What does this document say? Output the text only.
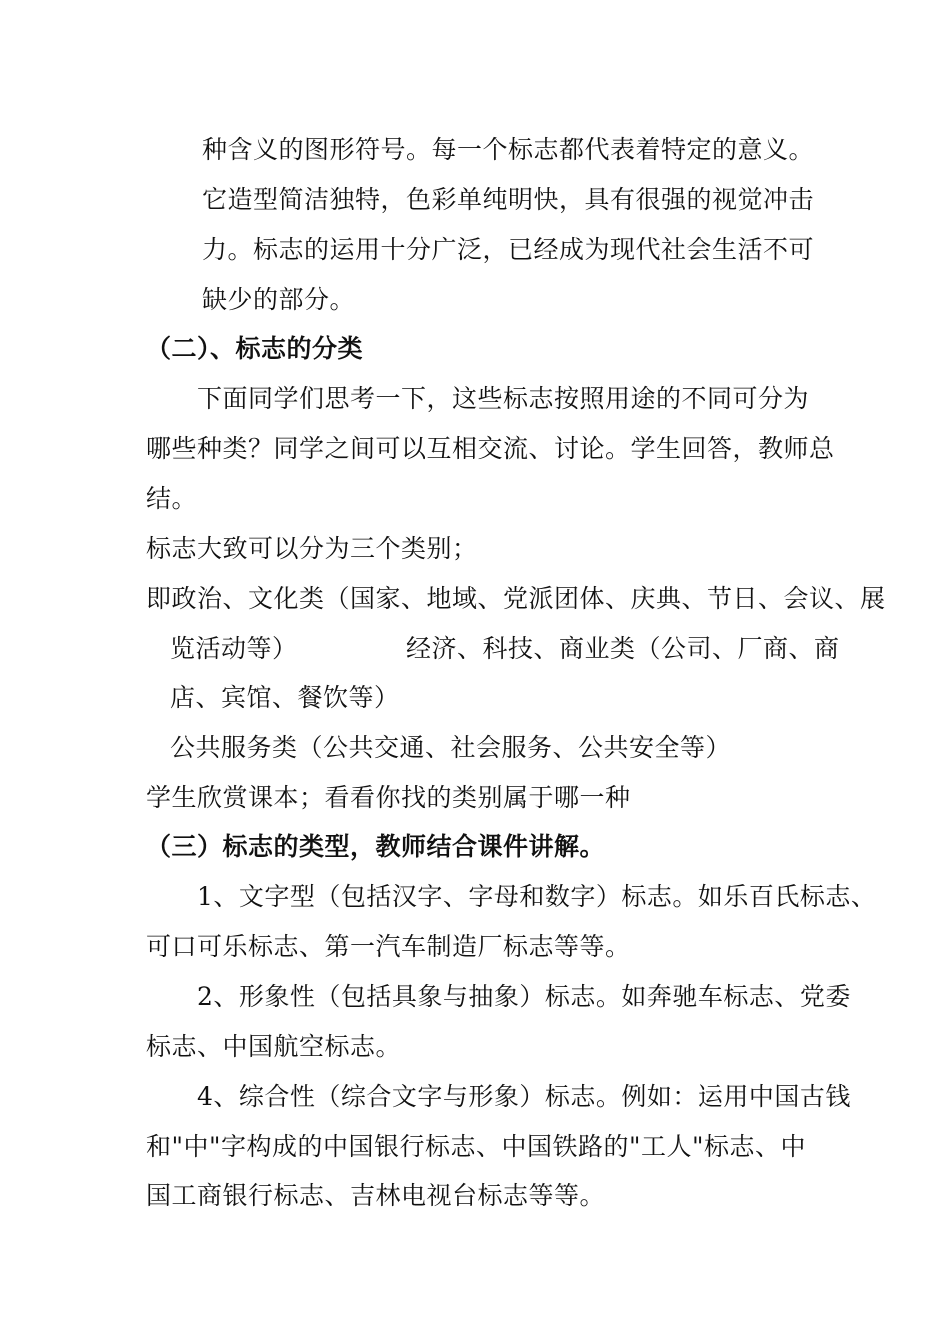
种含义的图形符号。每一个标志都代表着特定的意义。
它造型简洁独特，色彩单纯明快，具有很强的视觉冲击
力。标志的运用十分广泛，已经成为现代社会生活不可
缺少的部分。
（二）、标志的分类
下面同学们思考一下，这些标志按照用途的不同可分为
哪些种类？同学之间可以互相交流、讨论。学生回答，教师总
结。
标志大致可以分为三个类别；
即政治、文化类（国家、地域、党派团体、庆典、节日、会议、展
览活动等）	经济、科技、商业类（公司、厂商、商
店、宾馆、餐饮等）
公共服务类（公共交通、社会服务、公共安全等）
学生欣赏课本；看看你找的类别属于哪一种
（三）标志的类型，教师结合课件讲解。
1、文字型（包括汉字、字母和数字）标志。如乐百氏标志、
可口可乐标志、第一汽车制造厂标志等等。
2、形象性（包括具象与抽象）标志。如奔驰车标志、党委
标志、中国航空标志。
4、综合性（综合文字与形象）标志。例如：运用中国古钱
和"中"字构成的中国银行标志、中国铁路的"工人"标志、中
国工商银行标志、吉林电视台标志等等。
